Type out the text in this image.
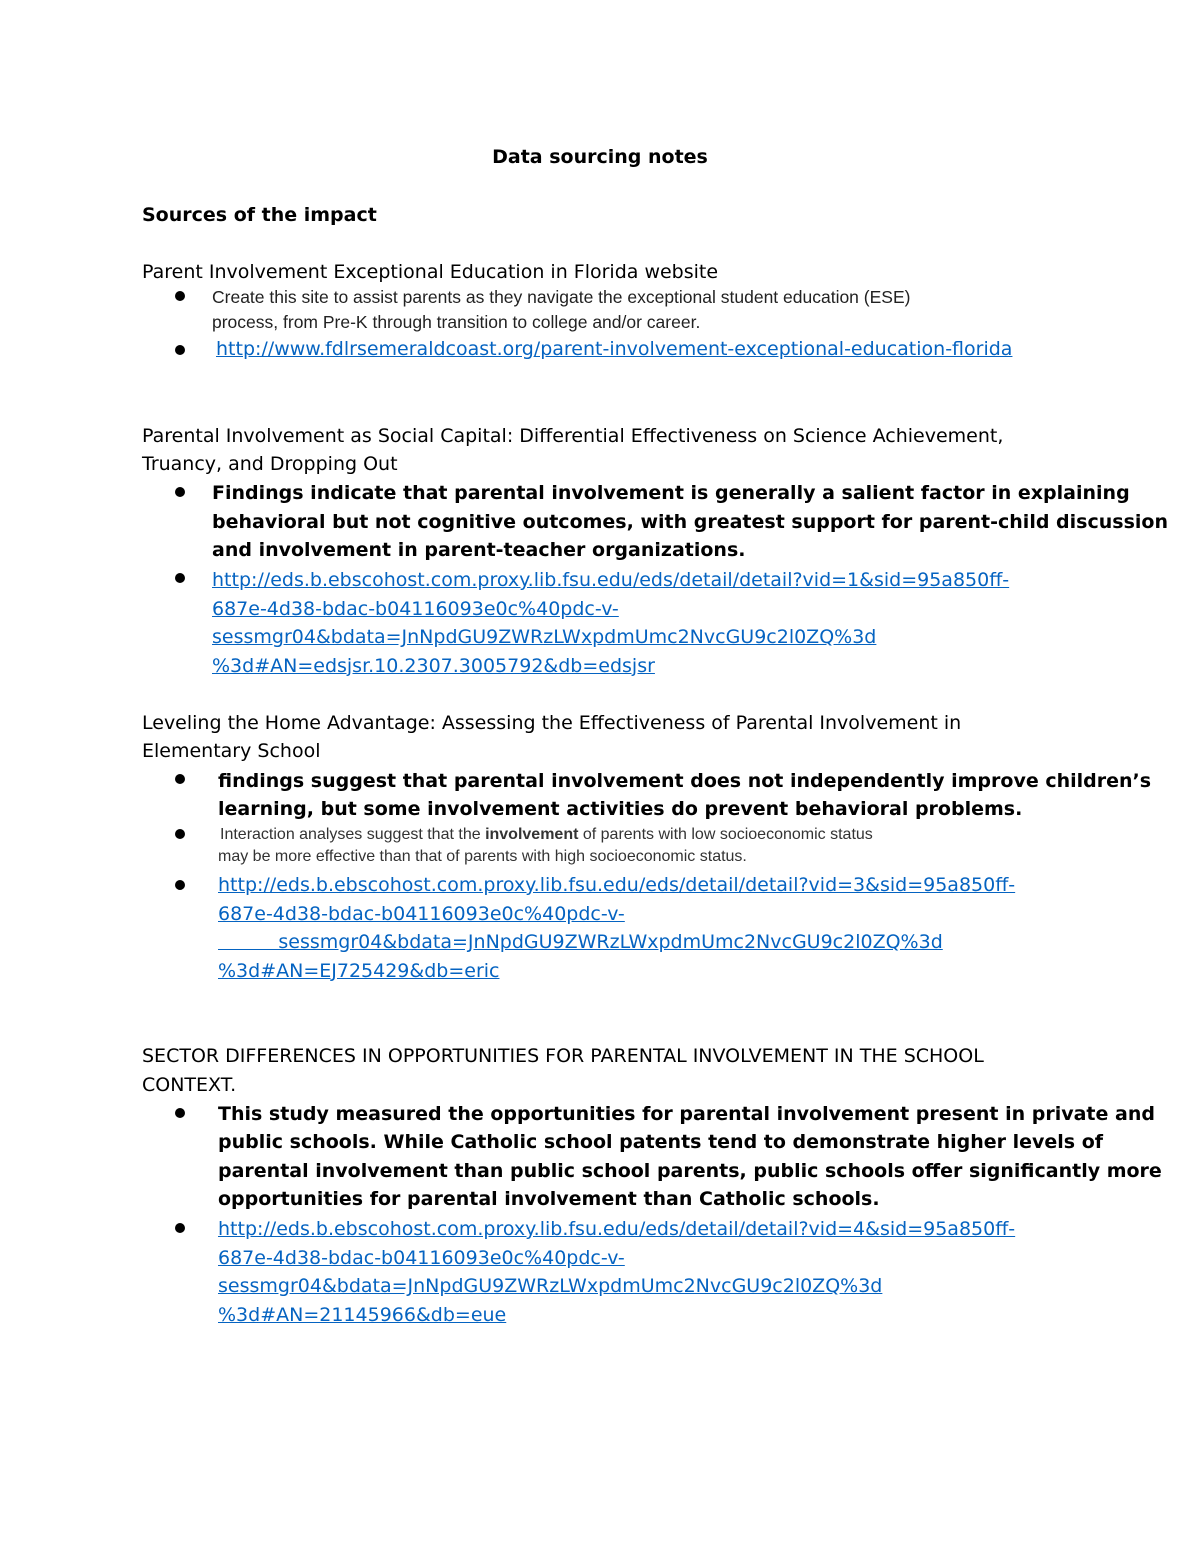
Data sourcing notes
Sources of the impact
Parent Involvement Exceptional Education in Florida website
Create this site to assist parents as they navigate the exceptional student education (ESE)
process, from Pre-K through transition to college and/or career.
http://www.fdlrsemeraldcoast.org/parent-involvement-exceptional-education-florida
Parental Involvement as Social Capital: Differential Effectiveness on Science Achievement,
Truancy, and Dropping Out
Findings indicate that parental involvement is generally a salient factor in explaining
behavioral but not cognitive outcomes, with greatest support for parent-child discussion
and involvement in parent-teacher organizations.
http://eds.b.ebscohost.com.proxy.lib.fsu.edu/eds/detail/detail?vid=1&sid=95a850ff-
687e-4d38-bdac-b04116093e0c%40pdc-v-
sessmgr04&bdata=JnNpdGU9ZWRzLWxpdmUmc2NvcGU9c2l0ZQ%3d
%3d#AN=edsjsr.10.2307.3005792&db=edsjsr
Leveling the Home Advantage: Assessing the Effectiveness of Parental Involvement in
Elementary School
findings suggest that parental involvement does not independently improve children’s
learning, but some involvement activities do prevent behavioral problems.
Interaction analyses suggest that the involvement of parents with low socioeconomic status
may be more effective than that of parents with high socioeconomic status.
http://eds.b.ebscohost.com.proxy.lib.fsu.edu/eds/detail/detail?vid=3&sid=95a850ff-
687e-4d38-bdac-b04116093e0c%40pdc-v-
sessmgr04&bdata=JnNpdGU9ZWRzLWxpdmUmc2NvcGU9c2l0ZQ%3d
%3d#AN=EJ725429&db=eric
SECTOR DIFFERENCES IN OPPORTUNITIES FOR PARENTAL INVOLVEMENT IN THE SCHOOL
CONTEXT.
This study measured the opportunities for parental involvement present in private and
public schools. While Catholic school patents tend to demonstrate higher levels of
parental involvement than public school parents, public schools offer significantly more
opportunities for parental involvement than Catholic schools.
http://eds.b.ebscohost.com.proxy.lib.fsu.edu/eds/detail/detail?vid=4&sid=95a850ff-
687e-4d38-bdac-b04116093e0c%40pdc-v-
sessmgr04&bdata=JnNpdGU9ZWRzLWxpdmUmc2NvcGU9c2l0ZQ%3d
%3d#AN=21145966&db=eue
